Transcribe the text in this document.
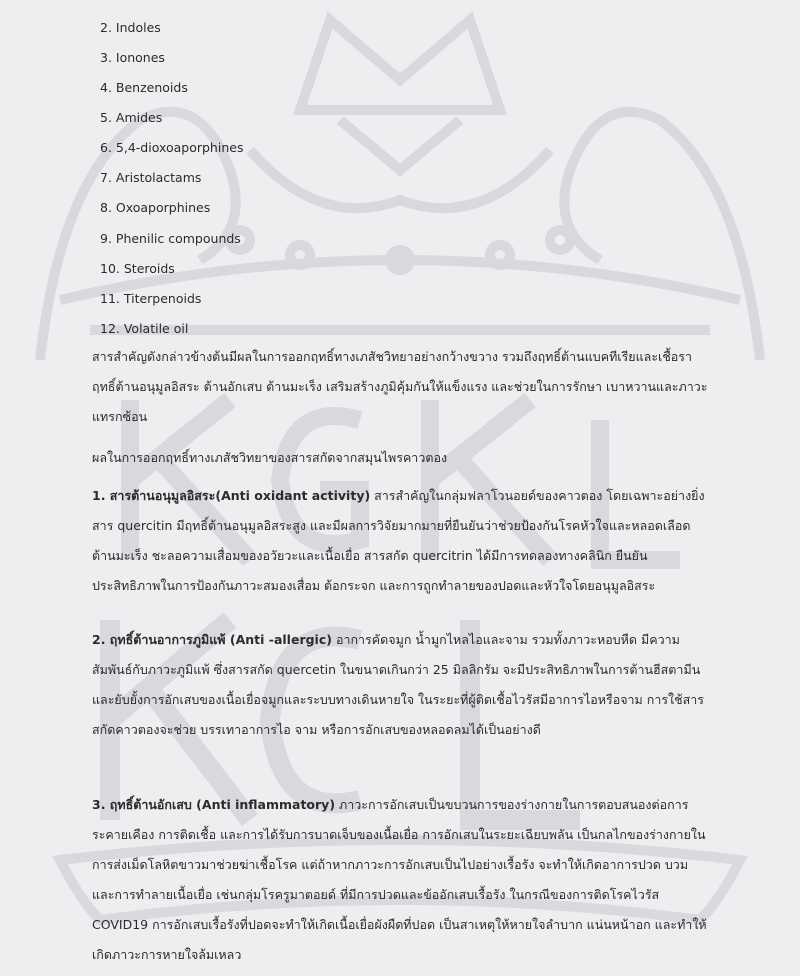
2. Indoles
3. Ionones
4. Benzenoids
5. Amides
6. 5,4-dioxoaporphines
7. Aristolactams
8. Oxoaporphines
9. Phenilic compounds
10. Steroids
11. Titerpenoids
12. Volatile oil

สารสำคัญดังกล่าวข้างต้นมีผลในการออกฤทธิ์ทางเภสัชวิทยาอย่างกว้างขวาง รวมถึงฤทธิ์ต้านแบคทีเรียและเชื้อรา ฤทธิ์ต้านอนุมูลอิสระ ต้านอักเสบ ต้านมะเร็ง เสริมสร้างภูมิคุ้มกันให้แข็งแรง และช่วยในการรักษา เบาหวานและภาวะแทรกซ้อน

ผลในการออกฤทธิ์ทางเภสัชวิทยาของสารสกัดจากสมุนไพรคาวตอง

1. สารต้านอนุมูลอิสระ(Anti oxidant activity) สารสำคัญในกลุ่มฟลาโวนอยด์ของคาวตอง โดยเฉพาะอย่างยิ่งสาร quercitin มีฤทธิ์ต้านอนุมูลอิสระสูง และมีผลการวิจัยมากมายที่ยืนยันว่าช่วยป้องกันโรคหัวใจและหลอดเลือด ต้านมะเร็ง ชะลอความเสื่อมของอวัยวะและเนื้อเยื่อ สารสกัด quercitrin ได้มีการทดลองทางคลินิก ยืนยันประสิทธิภาพในการป้องกันภาวะสมองเสื่อม ต้อกระจก และการถูกทำลายของปอดและหัวใจโดยอนุมูลอิสระ

2. ฤทธิ์ต้านอาการภูมิแพ้ (Anti -allergic) อาการคัดจมูก น้ำมูกไหลไอและจาม รวมทั้งภาวะหอบหืด มีความสัมพันธ์กับภาวะภูมิแพ้ ซึ่งสารสกัด quercetin ในขนาดเกินกว่า 25 มิลลิกรัม จะมีประสิทธิภาพในการต้านฮีสตามีน และยับยั้งการอักเสบของเนื้อเยื่อจมูกและระบบทางเดินหายใจ ในระยะที่ผู้ติดเชื้อไวรัสมีอาการไอหรือจาม การใช้สารสกัดคาวตองจะช่วย บรรเทาอาการไอ จาม หรือการอักเสบของหลอดลมได้เป็นอย่างดี

3. ฤทธิ์ต้านอักเสบ (Anti inflammatory) ภาวะการอักเสบเป็นขบวนการของร่างกายในการตอบสนองต่อการระคายเคือง การติดเชื้อ และการได้รับการบาดเจ็บของเนื้อเยื่อ การอักเสบในระยะเฉียบพลัน เป็นกลไกของร่างกายในการส่งเม็ดโลหิตขาวมาช่วยฆ่าเชื้อโรค แต่ถ้าหากภาวะการอักเสบเป็นไปอย่างเรื้อรัง จะทำให้เกิดอาการปวด บวม และการทำลายเนื้อเยื่อ เช่นกลุ่มโรครูมาตอยด์ ที่มีการปวดและข้ออักเสบเรื้อรัง ในกรณีของการติดโรคไวรัส COVID19 การอักเสบเรื้อรังที่ปอดจะทำให้เกิดเนื้อเยื่อผังผืดที่ปอด เป็นสาเหตุให้หายใจลำบาก แน่นหน้าอก และทำให้เกิดภาวะการหายใจล้มเหลว
